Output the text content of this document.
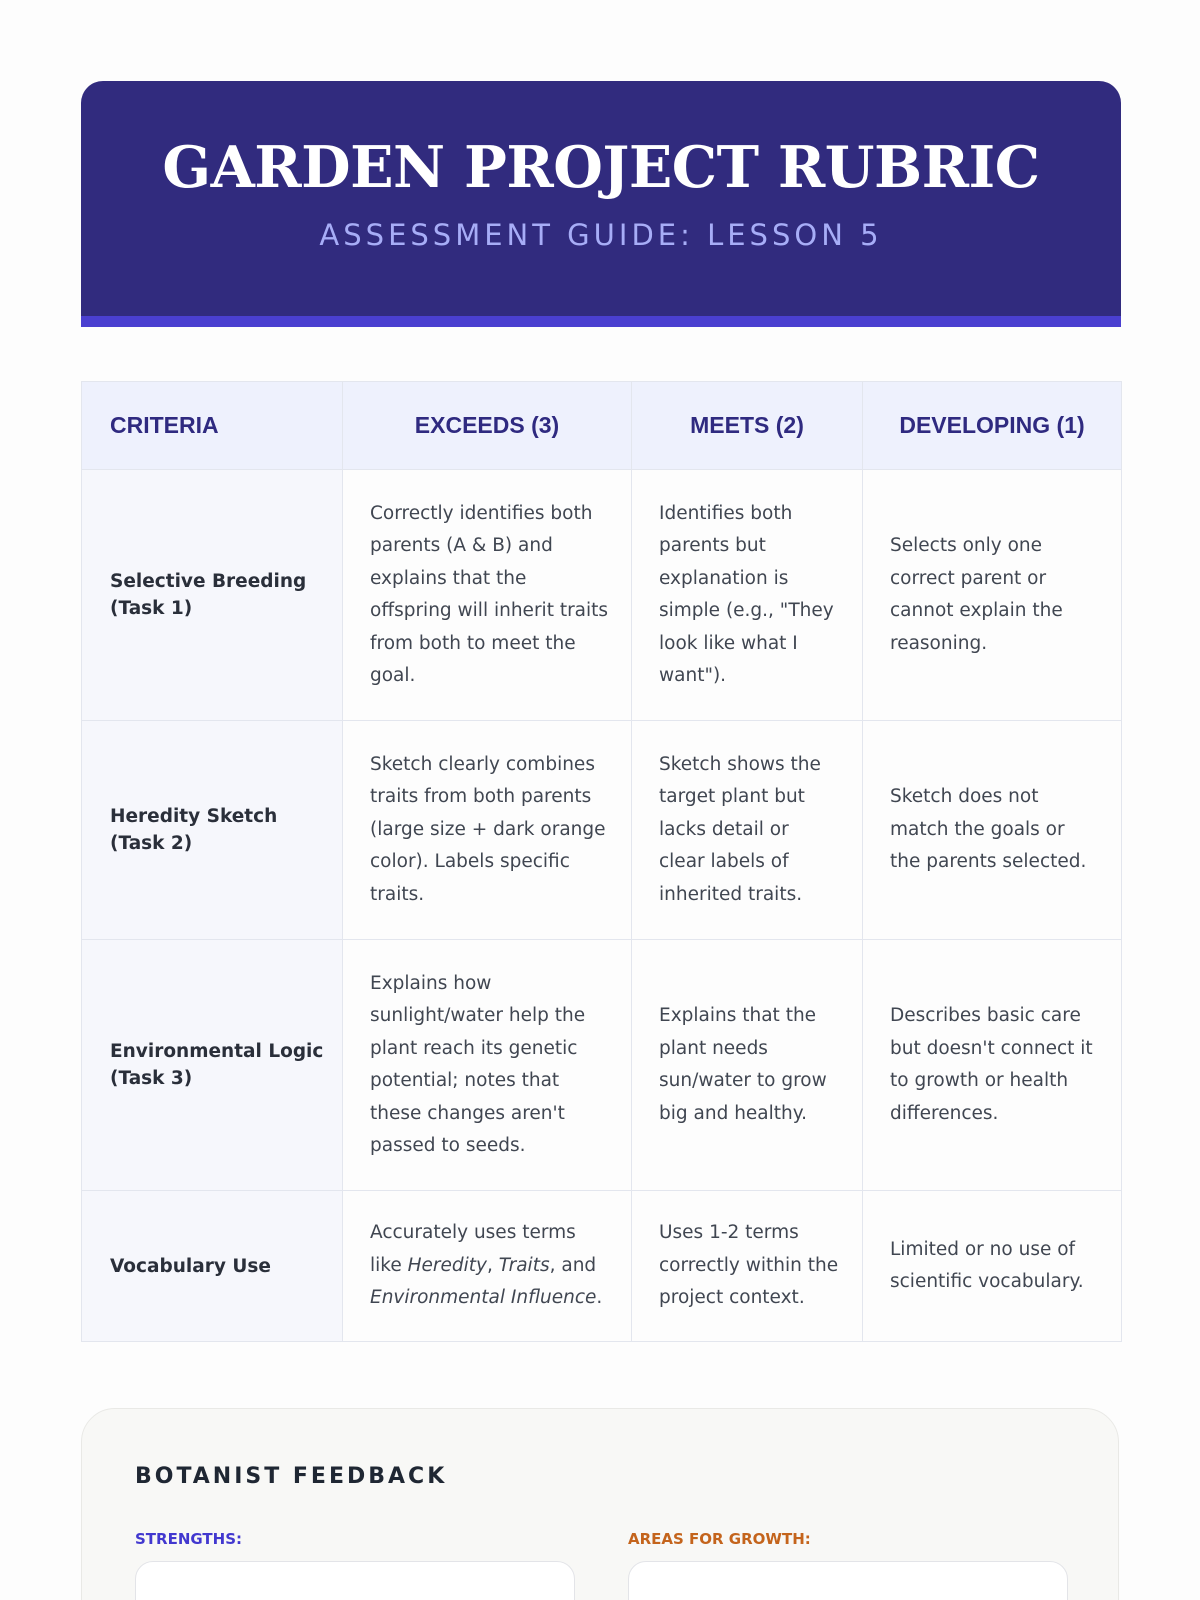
GARDEN PROJECT RUBRIC
ASSESSMENT GUIDE: LESSON 5
CRITERIA	EXCEEDS (3)	MEETS (2)	DEVELOPING (1)
Selective Breeding (Task 1)	Correctly identifies both parents (A & B) and explains that the offspring will inherit traits from both to meet the goal.	Identifies both parents but explanation is simple (e.g., "They look like what I want").	Selects only one correct parent or cannot explain the reasoning.
Heredity Sketch (Task 2)	Sketch clearly combines traits from both parents (large size + dark orange color). Labels specific traits.	Sketch shows the target plant but lacks detail or clear labels of inherited traits.	Sketch does not match the goals or the parents selected.
Environmental Logic (Task 3)	Explains how sunlight/water help the plant reach its genetic potential; notes that these changes aren't passed to seeds.	Explains that the plant needs sun/water to grow big and healthy.	Describes basic care but doesn't connect it to growth or health differences.
Vocabulary Use	Accurately uses terms like Heredity, Traits, and Environmental Influence.	Uses 1-2 terms correctly within the project context.	Limited or no use of scientific vocabulary.
BOTANIST FEEDBACK
STRENGTHS:	AREAS FOR GROWTH:
